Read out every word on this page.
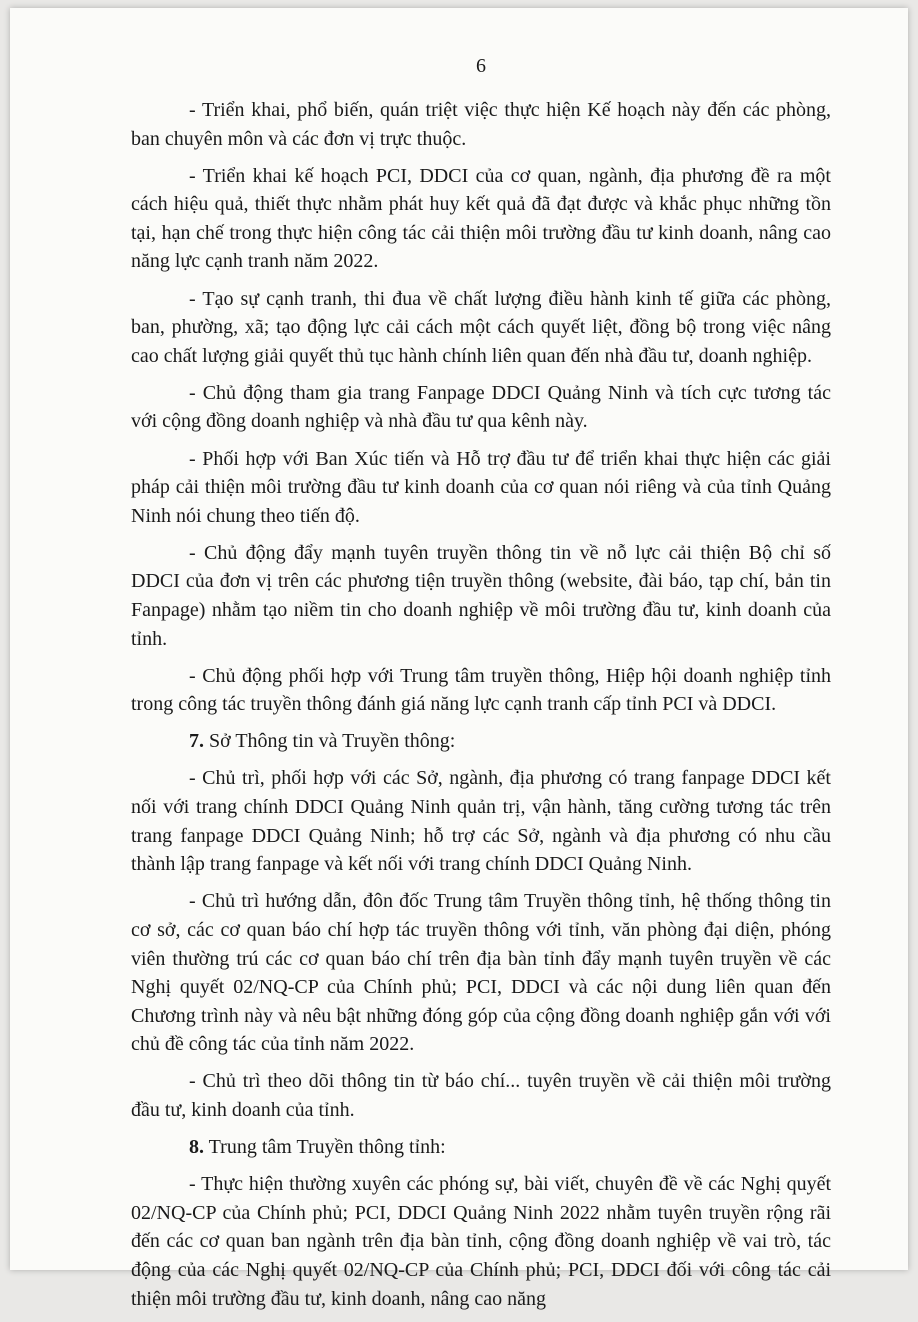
6

- Triển khai, phổ biến, quán triệt việc thực hiện Kế hoạch này đến các phòng, ban chuyên môn và các đơn vị trực thuộc.

- Triển khai kế hoạch PCI, DDCI của cơ quan, ngành, địa phương đề ra một cách hiệu quả, thiết thực nhằm phát huy kết quả đã đạt được và khắc phục những tồn tại, hạn chế trong thực hiện công tác cải thiện môi trường đầu tư kinh doanh, nâng cao năng lực cạnh tranh năm 2022.

- Tạo sự cạnh tranh, thi đua về chất lượng điều hành kinh tế giữa các phòng, ban, phường, xã; tạo động lực cải cách một cách quyết liệt, đồng bộ trong việc nâng cao chất lượng giải quyết thủ tục hành chính liên quan đến nhà đầu tư, doanh nghiệp.

- Chủ động tham gia trang Fanpage DDCI Quảng Ninh và tích cực tương tác với cộng đồng doanh nghiệp và nhà đầu tư qua kênh này.

- Phối hợp với Ban Xúc tiến và Hỗ trợ đầu tư để triển khai thực hiện các giải pháp cải thiện môi trường đầu tư kinh doanh của cơ quan nói riêng và của tỉnh Quảng Ninh nói chung theo tiến độ.

- Chủ động đẩy mạnh tuyên truyền thông tin về nỗ lực cải thiện Bộ chỉ số DDCI của đơn vị trên các phương tiện truyền thông (website, đài báo, tạp chí, bản tin Fanpage) nhằm tạo niềm tin cho doanh nghiệp về môi trường đầu tư, kinh doanh của tỉnh.

- Chủ động phối hợp với Trung tâm truyền thông, Hiệp hội doanh nghiệp tỉnh trong công tác truyền thông đánh giá năng lực cạnh tranh cấp tỉnh PCI và DDCI.

7. Sở Thông tin và Truyền thông:

- Chủ trì, phối hợp với các Sở, ngành, địa phương có trang fanpage DDCI kết nối với trang chính DDCI Quảng Ninh quản trị, vận hành, tăng cường tương tác trên trang fanpage DDCI Quảng Ninh; hỗ trợ các Sở, ngành và địa phương có nhu cầu thành lập trang fanpage và kết nối với trang chính DDCI Quảng Ninh.

- Chủ trì hướng dẫn, đôn đốc Trung tâm Truyền thông tỉnh, hệ thống thông tin cơ sở, các cơ quan báo chí hợp tác truyền thông với tỉnh, văn phòng đại diện, phóng viên thường trú các cơ quan báo chí trên địa bàn tỉnh đẩy mạnh tuyên truyền về các Nghị quyết 02/NQ-CP của Chính phủ; PCI, DDCI và các nội dung liên quan đến Chương trình này và nêu bật những đóng góp của cộng đồng doanh nghiệp gắn với với chủ đề công tác của tỉnh năm 2022.

- Chủ trì theo dõi thông tin từ báo chí... tuyên truyền về cải thiện môi trường đầu tư, kinh doanh của tỉnh.

8. Trung tâm Truyền thông tỉnh:

- Thực hiện thường xuyên các phóng sự, bài viết, chuyên đề về các Nghị quyết 02/NQ-CP của Chính phủ; PCI, DDCI Quảng Ninh 2022 nhằm tuyên truyền rộng rãi đến các cơ quan ban ngành trên địa bàn tỉnh, cộng đồng doanh nghiệp về vai trò, tác động của các Nghị quyết 02/NQ-CP của Chính phủ; PCI, DDCI đối với công tác cải thiện môi trường đầu tư, kinh doanh, nâng cao năng
